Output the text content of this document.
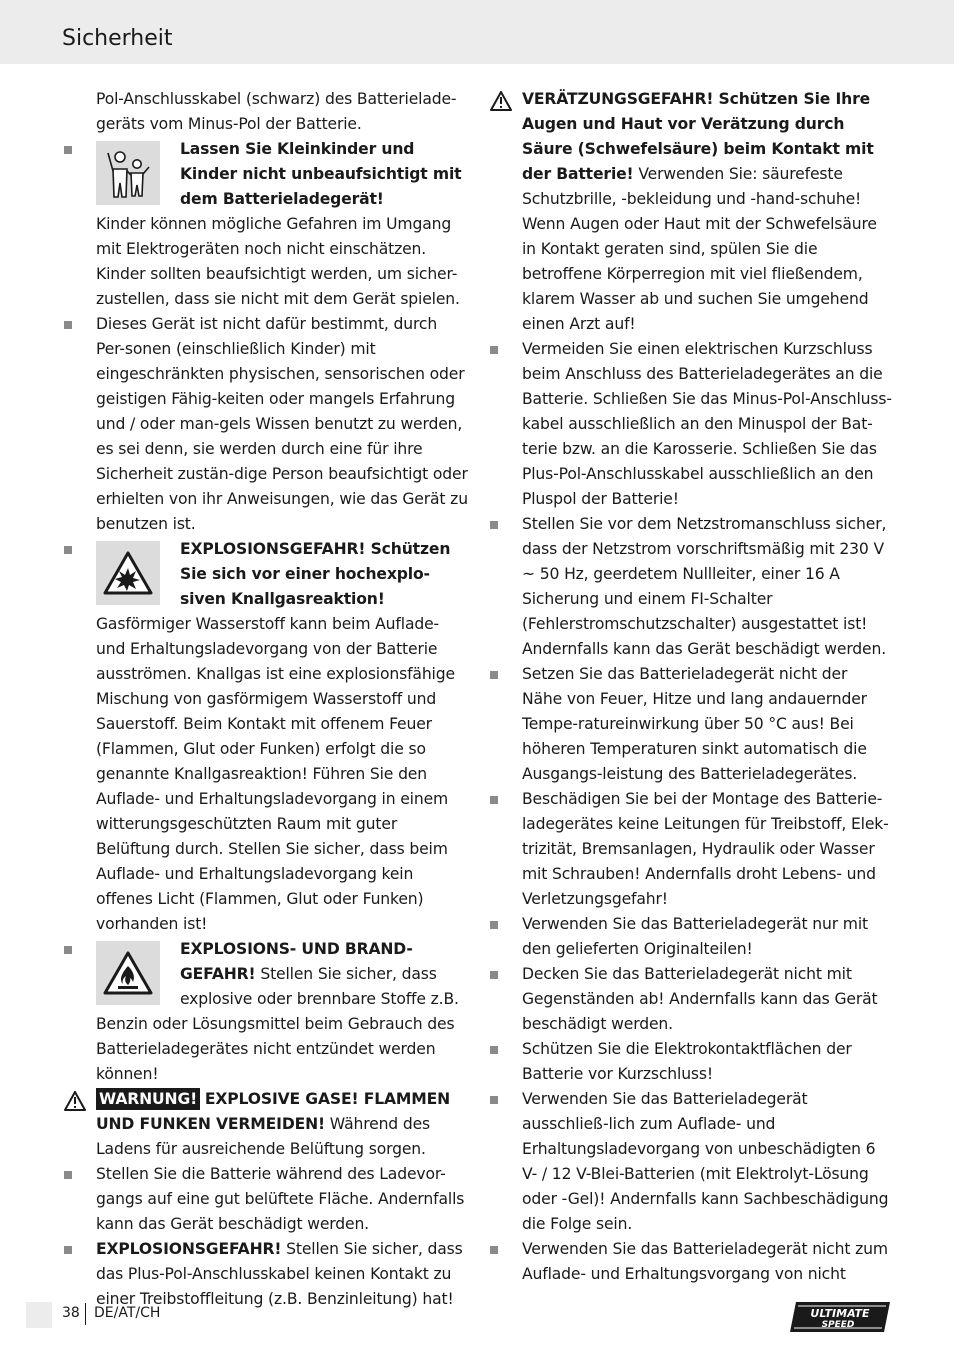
Sicherheit

Pol-Anschlusskabel (schwarz) des Batterielade-geräts vom Minus-Pol der Batterie.

Lassen Sie Kleinkinder und Kinder nicht unbeaufsichtigt mit dem Batterieladegerät!

Kinder können mögliche Gefahren im Umgang mit Elektrogeräten noch nicht einschätzen. Kinder sollten beaufsichtigt werden, um sicher-zustellen, dass sie nicht mit dem Gerät spielen.

Dieses Gerät ist nicht dafür bestimmt, durch Per-sonen (einschließlich Kinder) mit eingeschränkten physischen, sensorischen oder geistigen Fähig-keiten oder mangels Erfahrung und / oder man-gels Wissen benutzt zu werden, es sei denn, sie werden durch eine für ihre Sicherheit zustän-dige Person beaufsichtigt oder erhielten von ihr Anweisungen, wie das Gerät zu benutzen ist.

EXPLOSIONSGEFAHR! Schützen Sie sich vor einer hochexplo-siven Knallgasreaktion!

Gasförmiger Wasserstoff kann beim Auflade- und Erhaltungsladevorgang von der Batterie ausströmen. Knallgas ist eine explosionsfähige Mischung von gasförmigem Wasserstoff und Sauerstoff. Beim Kontakt mit offenem Feuer (Flammen, Glut oder Funken) erfolgt die so genannte Knallgasreaktion! Führen Sie den Auflade- und Erhaltungsladevorgang in einem witterungsgeschützten Raum mit guter Belüftung durch. Stellen Sie sicher, dass beim Auflade- und Erhaltungsladevorgang kein offenes Licht (Flammen, Glut oder Funken) vorhanden ist!

EXPLOSIONS- UND BRAND-GEFAHR! Stellen Sie sicher, dass explosive oder brennbare Stoffe z.B. Benzin oder Lösungsmittel beim Gebrauch des Batterieladegerätes nicht entzündet werden können!

WARNUNG! EXPLOSIVE GASE! FLAMMEN UND FUNKEN VERMEIDEN! Während des Ladens für ausreichende Belüftung sorgen.

Stellen Sie die Batterie während des Ladevor-gangs auf eine gut belüftete Fläche. Andernfalls kann das Gerät beschädigt werden.

EXPLOSIONSGEFAHR! Stellen Sie sicher, dass das Plus-Pol-Anschlusskabel keinen Kontakt zu einer Treibstoffleitung (z.B. Benzinleitung) hat!

VERÄTZUNGSGEFAHR! Schützen Sie Ihre Augen und Haut vor Verätzung durch Säure (Schwefelsäure) beim Kontakt mit der Batterie! Verwenden Sie: säurefeste Schutzbrille, -bekleidung und -hand-schuhe! Wenn Augen oder Haut mit der Schwefelsäure in Kontakt geraten sind, spülen Sie die betroffene Körperregion mit viel fließendem, klarem Wasser ab und suchen Sie umgehend einen Arzt auf!

Vermeiden Sie einen elektrischen Kurzschluss beim Anschluss des Batterieladegerätes an die Batterie. Schließen Sie das Minus-Pol-Anschluss-kabel ausschließlich an den Minuspol der Bat-terie bzw. an die Karosserie. Schließen Sie das Plus-Pol-Anschlusskabel ausschließlich an den Pluspol der Batterie!

Stellen Sie vor dem Netzstromanschluss sicher, dass der Netzstrom vorschriftsmäßig mit 230 V ~ 50 Hz, geerdetem Nullleiter, einer 16 A Sicherung und einem FI-Schalter (Fehlerstromschutzschalter) ausgestattet ist! Andernfalls kann das Gerät beschädigt werden.

Setzen Sie das Batterieladegerät nicht der Nähe von Feuer, Hitze und lang andauernder Tempe-ratureinwirkung über 50 °C aus! Bei höheren Temperaturen sinkt automatisch die Ausgangs-leistung des Batterieladegerätes.

Beschädigen Sie bei der Montage des Batterie-ladegerätes keine Leitungen für Treibstoff, Elek-trizität, Bremsanlagen, Hydraulik oder Wasser mit Schrauben! Andernfalls droht Lebens- und Verletzungsgefahr!

Verwenden Sie das Batterieladegerät nur mit den gelieferten Originalteilen!

Decken Sie das Batterieladegerät nicht mit Gegenständen ab! Andernfalls kann das Gerät beschädigt werden.

Schützen Sie die Elektrokontaktflächen der Batterie vor Kurzschluss!

Verwenden Sie das Batterieladegerät ausschließ-lich zum Auflade- und Erhaltungsladevorgang von unbeschädigten 6 V- / 12 V-Blei-Batterien (mit Elektrolyt-Lösung oder -Gel)! Andernfalls kann Sachbeschädigung die Folge sein.

Verwenden Sie das Batterieladegerät nicht zum Auflade- und Erhaltungsvorgang von nicht

38 DE/AT/CH	ULTIMATE
SPEED
